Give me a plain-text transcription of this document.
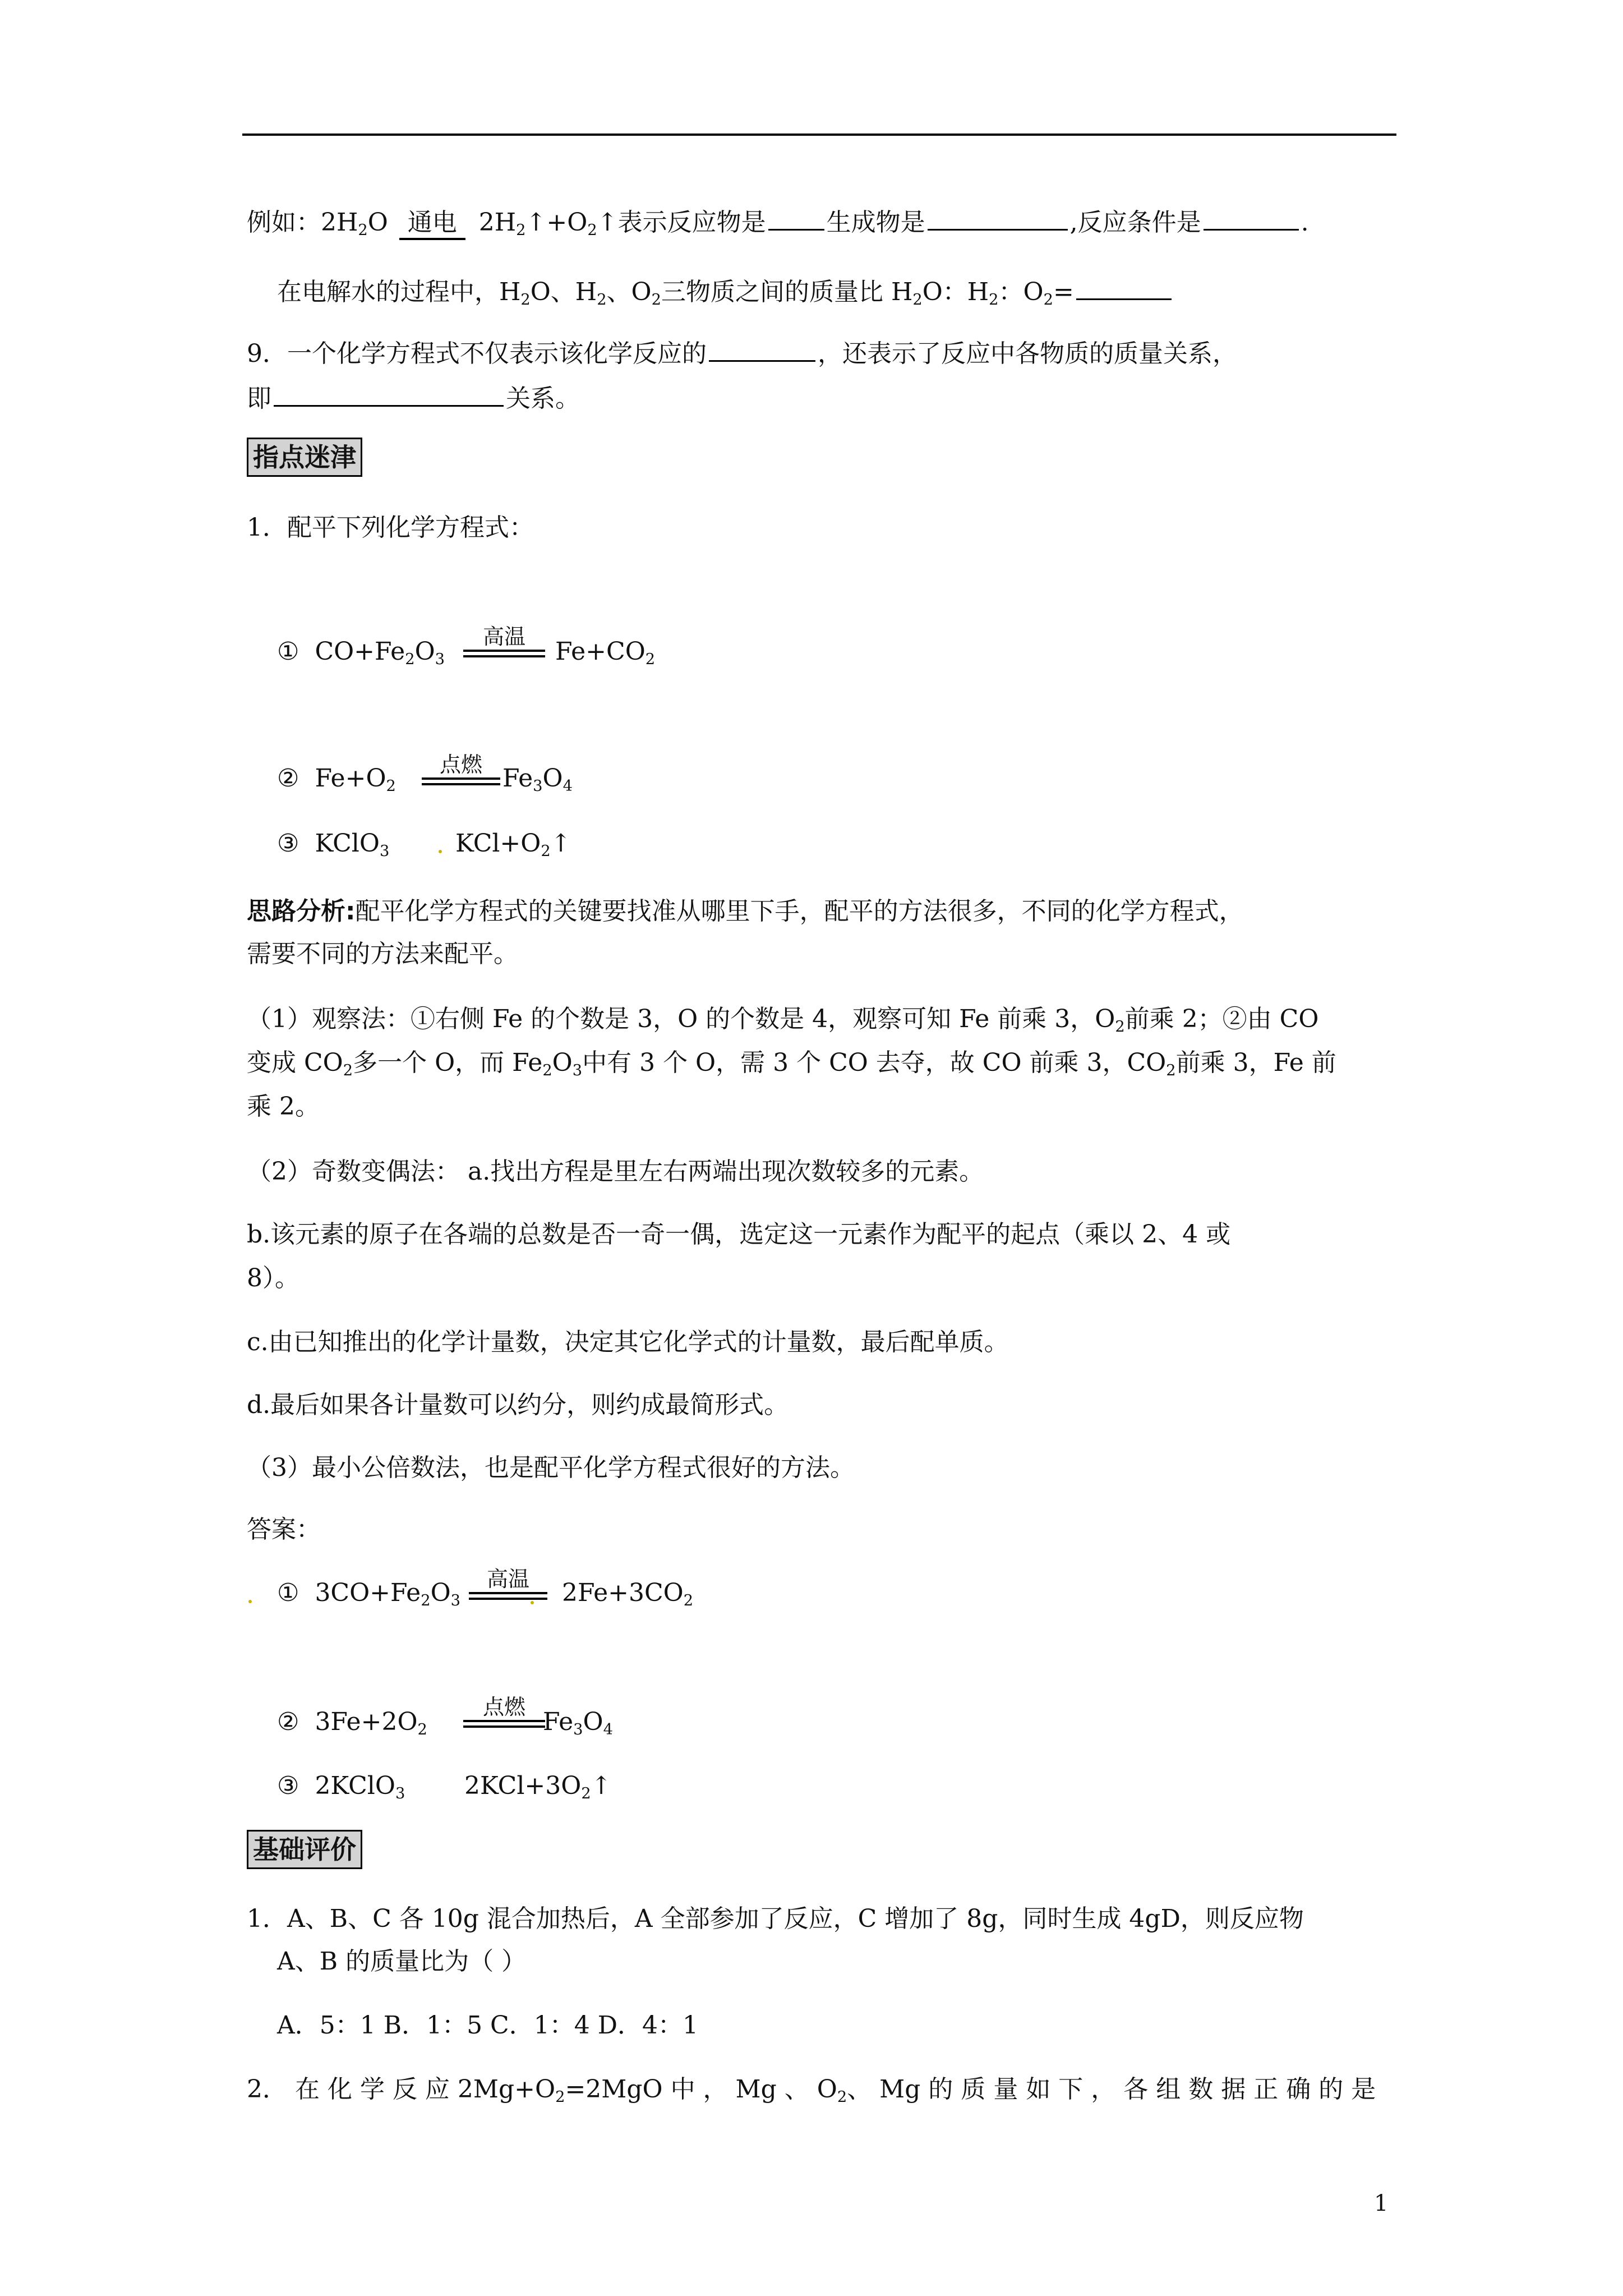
例如：$2H_2O$ 通电 $2H_2↑+O_2↑$表示反应物是 生成物是	,反应条件是	.
在电解水的过程中，$H_2O$、$H_2$、$O_2$三物质之间的质量比 $H_2O$：$H_2$：$O_2=$
9．一个化学方程式不仅表示该化学反应的	，还表示了反应中各物质的质量关系，
即	关系。
指点迷津
1．配平下列化学方程式：
① $CO+Fe_2O_3$
高温
$Fe+CO_2$
② $Fe+O_2$
点燃 $Fe_3O_4$
③ KClO$_3$	$KCl+O_2↑$
思路分析:配平化学方程式的关键要找准从哪里下手，配平的方法很多，不同的化学方程式，
需要不同的方法来配平。
（1）观察法：①右侧 Fe 的个数是 3，O 的个数是 4，观察可知 Fe 前乘 3，$O_2$前乘 2；②由 CO
变成 $CO_2$多一个 O，而 $Fe_2O_3$中有 3 个 O，需 3 个 CO 去夺，故 CO 前乘 3，$CO_2$前乘 3，Fe 前
乘 2。
（2）奇数变偶法： a.找出方程是里左右两端出现次数较多的元素。
b.该元素的原子在各端的总数是否一奇一偶，选定这一元素作为配平的起点（乘以 2、4 或
8）。
c.由已知推出的化学计量数，决定其它化学式的计量数，最后配单质。
d.最后如果各计量数可以约分，则约成最简形式。
（3）最小公倍数法，也是配平化学方程式很好的方法。
答案：
① $3CO+Fe_2O_3$
高温	$2Fe+3CO_2$
② $3Fe+2O_2$
点燃
$Fe_3O_4$
③ 2KClO$_3$ $2KCl+3O_2↑$
基础评价
1．A、B、C 各 10g 混合加热后，A 全部参加了反应，C 增加了 8g，同时生成 4gD，则反应物
A、B 的质量比为（ ）
A．5：1 B．1：5 C．1：4 D．4：1
2． 在 化 学 反 应 $2Mg+O_2=2MgO$ 中 ， Mg 、 $O_2$、 Mg 的 质 量 如 下 ， 各 组 数 据 正 确 的 是
1
